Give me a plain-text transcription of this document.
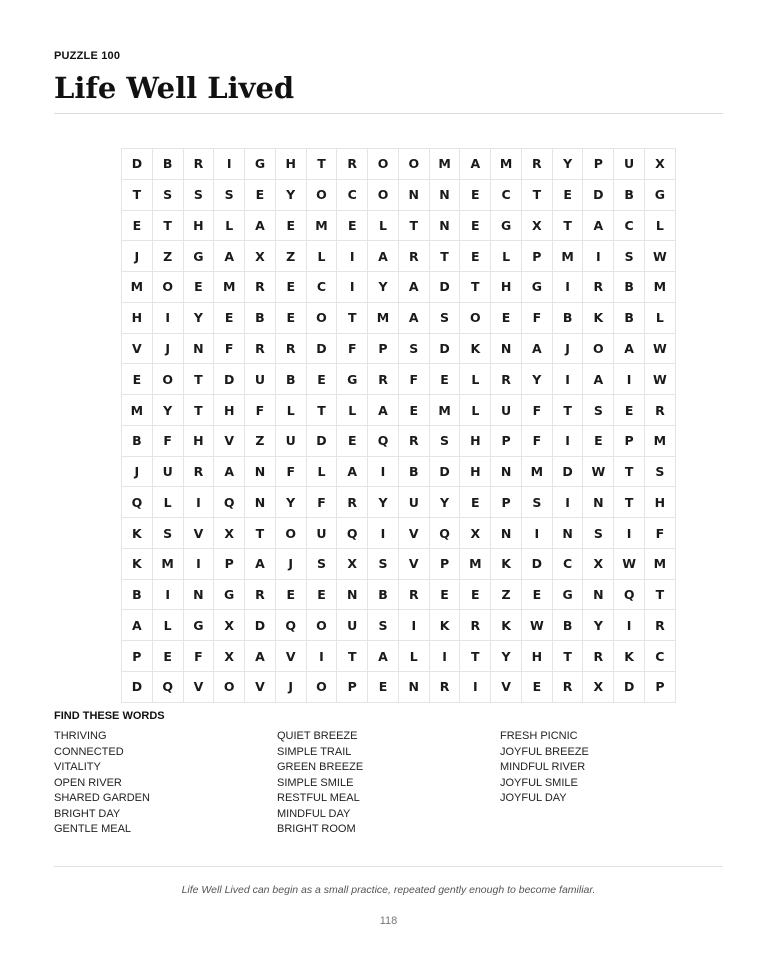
PUZZLE 100
Life Well Lived
D	B	R	I	G	H	T	R	O	O	M	A	M	R	Y	P	U	X
T	S	S	S	E	Y	O	C	O	N	N	E	C	T	E	D	B	G
E	T	H	L	A	E	M	E	L	T	N	E	G	X	T	A	C	L
J	Z	G	A	X	Z	L	I	A	R	T	E	L	P	M	I	S	W
M	O	E	M	R	E	C	I	Y	A	D	T	H	G	I	R	B	M
H	I	Y	E	B	E	O	T	M	A	S	O	E	F	B	K	B	L
V	J	N	F	R	R	D	F	P	S	D	K	N	A	J	O	A	W
E	O	T	D	U	B	E	G	R	F	E	L	R	Y	I	A	I	W
M	Y	T	H	F	L	T	L	A	E	M	L	U	F	T	S	E	R
B	F	H	V	Z	U	D	E	Q	R	S	H	P	F	I	E	P	M
J	U	R	A	N	F	L	A	I	B	D	H	N	M	D	W	T	S
Q	L	I	Q	N	Y	F	R	Y	U	Y	E	P	S	I	N	T	H
K	S	V	X	T	O	U	Q	I	V	Q	X	N	I	N	S	I	F
K	M	I	P	A	J	S	X	S	V	P	M	K	D	C	X	W	M
B	I	N	G	R	E	E	N	B	R	E	E	Z	E	G	N	Q	T
A	L	G	X	D	Q	O	U	S	I	K	R	K	W	B	Y	I	R
P	E	F	X	A	V	I	T	A	L	I	T	Y	H	T	R	K	C
D	Q	V	O	V	J	O	P	E	N	R	I	V	E	R	X	D	P
FIND THESE WORDS
THRIVING
CONNECTED
VITALITY
OPEN RIVER
SHARED GARDEN
BRIGHT DAY
GENTLE MEAL
QUIET BREEZE
SIMPLE TRAIL
GREEN BREEZE
SIMPLE SMILE
RESTFUL MEAL
MINDFUL DAY
BRIGHT ROOM
FRESH PICNIC
JOYFUL BREEZE
MINDFUL RIVER
JOYFUL SMILE
JOYFUL DAY
Life Well Lived can begin as a small practice, repeated gently enough to become familiar.
118
